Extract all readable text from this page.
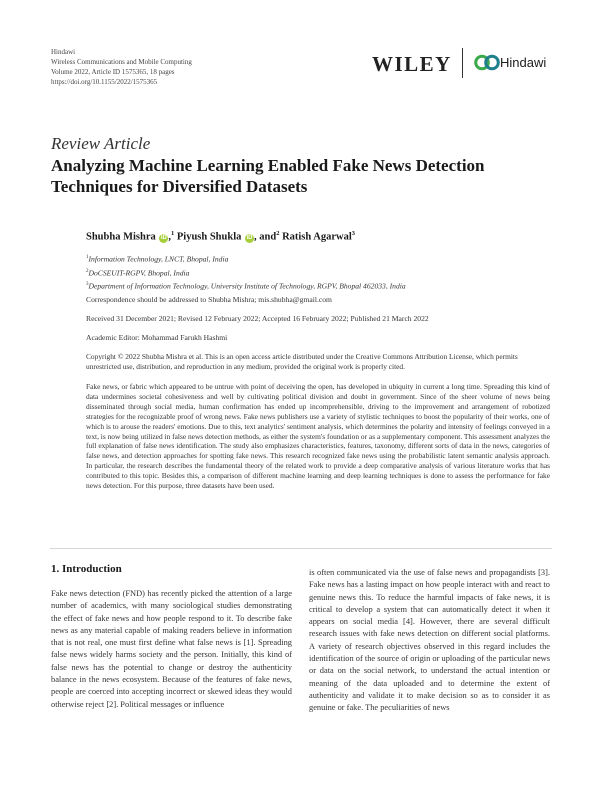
Hindawi
Wireless Communications and Mobile Computing
Volume 2022, Article ID 1575365, 18 pages
https://doi.org/10.1155/2022/1575365
WILEY	Hindawi
Review Article
Analyzing Machine Learning Enabled Fake News Detection Techniques for Diversified Datasets
Shubha Mishra iD ,$^1$ Piyush Shukla iD , and$^2$ Ratish Agarwal$^3$
$^1$Information Technology, LNCT, Bhopal, India
$^2$DoCSEUIT-RGPV, Bhopal, India
$^3$Department of Information Technology, University Institute of Technology, RGPV, Bhopal 462033, India
Correspondence should be addressed to Shubha Mishra; mis.shubha@gmail.com
Received 31 December 2021; Revised 12 February 2022; Accepted 16 February 2022; Published 21 March 2022
Academic Editor: Mohammad Farukh Hashmi
Copyright © 2022 Shubha Mishra et al. This is an open access article distributed under the Creative Commons Attribution License, which permits unrestricted use, distribution, and reproduction in any medium, provided the original work is properly cited.
Fake news, or fabric which appeared to be untrue with point of deceiving the open, has developed in ubiquity in current a long time. Spreading this kind of data undermines societal cohesiveness and well by cultivating political division and doubt in government. Since of the sheer volume of news being disseminated through social media, human confirmation has ended up incomprehensible, driving to the improvement and arrangement of robotized strategies for the recognizable proof of wrong news. Fake news publishers use a variety of stylistic techniques to boost the popularity of their works, one of which is to arouse the readers' emotions. Due to this, text analytics' sentiment analysis, which determines the polarity and intensity of feelings conveyed in a text, is now being utilized in false news detection methods, as either the system's foundation or as a supplementary component. This assessment analyzes the full explanation of false news identification. The study also emphasizes characteristics, features, taxonomy, different sorts of data in the news, categories of false news, and detection approaches for spotting fake news. This research recognized fake news using the probabilistic latent semantic analysis approach. In particular, the research describes the fundamental theory of the related work to provide a deep comparative analysis of various literature works that has contributed to this topic. Besides this, a comparison of different machine learning and deep learning techniques is done to assess the performance for fake news detection. For this purpose, three datasets have been used.
1. Introduction
Fake news detection (FND) has recently picked the attention of a large number of academics, with many sociological studies demonstrating the effect of fake news and how people respond to it. To describe fake news as any material capable of making readers believe in information that is not real, one must first define what false news is [1]. Spreading false news widely harms society and the person. Initially, this kind of false news has the potential to change or destroy the authenticity balance in the news ecosystem. Because of the features of fake news, people are coerced into accepting incorrect or skewed ideas they would otherwise reject [2]. Political messages or influence
is often communicated via the use of false news and propagandists [3]. Fake news has a lasting impact on how people interact with and react to genuine news this. To reduce the harmful impacts of fake news, it is critical to develop a system that can automatically detect it when it appears on social media [4]. However, there are several difficult research issues with fake news detection on different social platforms. A variety of research objectives observed in this regard includes the identification of the source of origin or uploading of the particular news or data on the social network, to understand the actual intention or meaning of the data uploaded and to determine the extent of authenticity and validate it to make decision so as to consider it as genuine or fake. The peculiarities of news
